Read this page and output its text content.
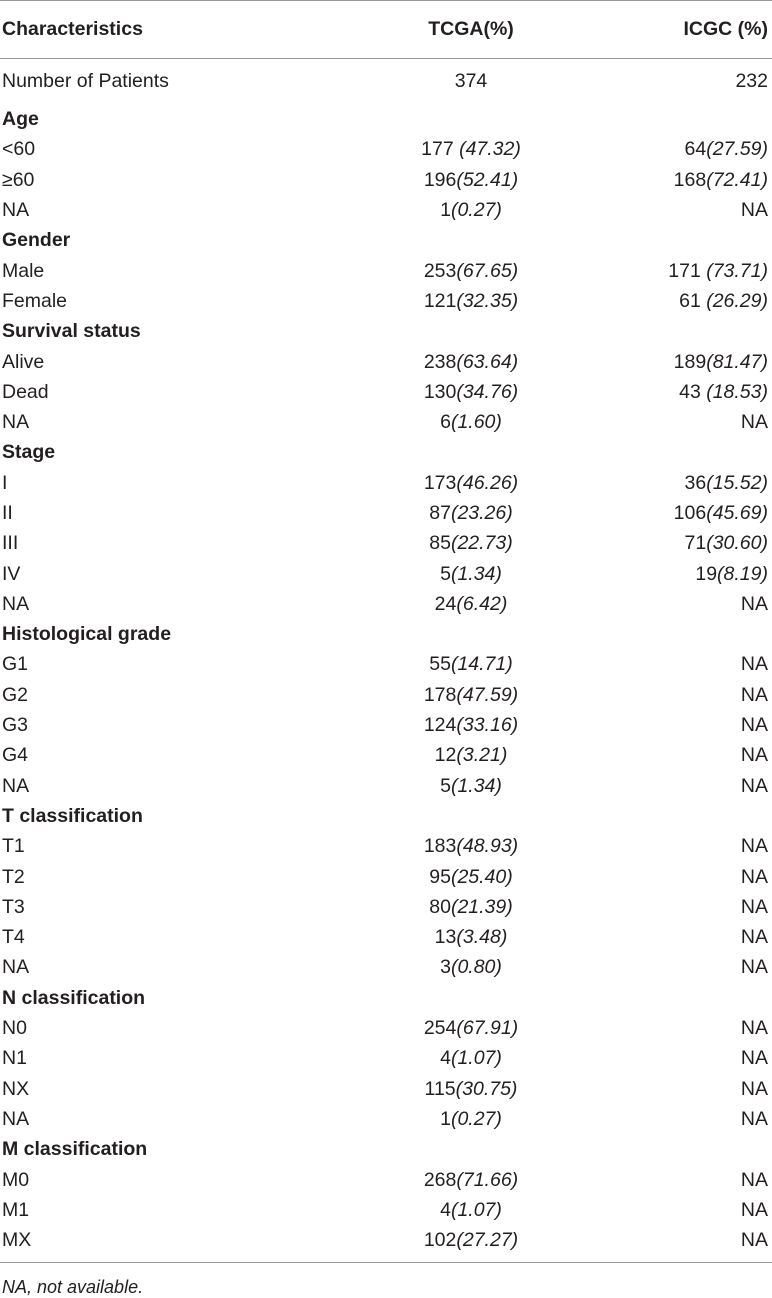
Characteristics	TCGA(%)	ICGC (%)
Number of Patients	374	232
Age		
<60	177 (47.32)	64(27.59)
≥60	196(52.41)	168(72.41)
NA	1(0.27)	NA
Gender		
Male	253(67.65)	171 (73.71)
Female	121(32.35)	61 (26.29)
Survival status		
Alive	238(63.64)	189(81.47)
Dead	130(34.76)	43 (18.53)
NA	6(1.60)	NA
Stage		
I	173(46.26)	36(15.52)
II	87(23.26)	106(45.69)
III	85(22.73)	71(30.60)
IV	5(1.34)	19(8.19)
NA	24(6.42)	NA
Histological grade		
G1	55(14.71)	NA
G2	178(47.59)	NA
G3	124(33.16)	NA
G4	12(3.21)	NA
NA	5(1.34)	NA
T classification		
T1	183(48.93)	NA
T2	95(25.40)	NA
T3	80(21.39)	NA
T4	13(3.48)	NA
NA	3(0.80)	NA
N classification		
N0	254(67.91)	NA
N1	4(1.07)	NA
NX	115(30.75)	NA
NA	1(0.27)	NA
M classification		
M0	268(71.66)	NA
M1	4(1.07)	NA
MX	102(27.27)	NA
NA, not available.
